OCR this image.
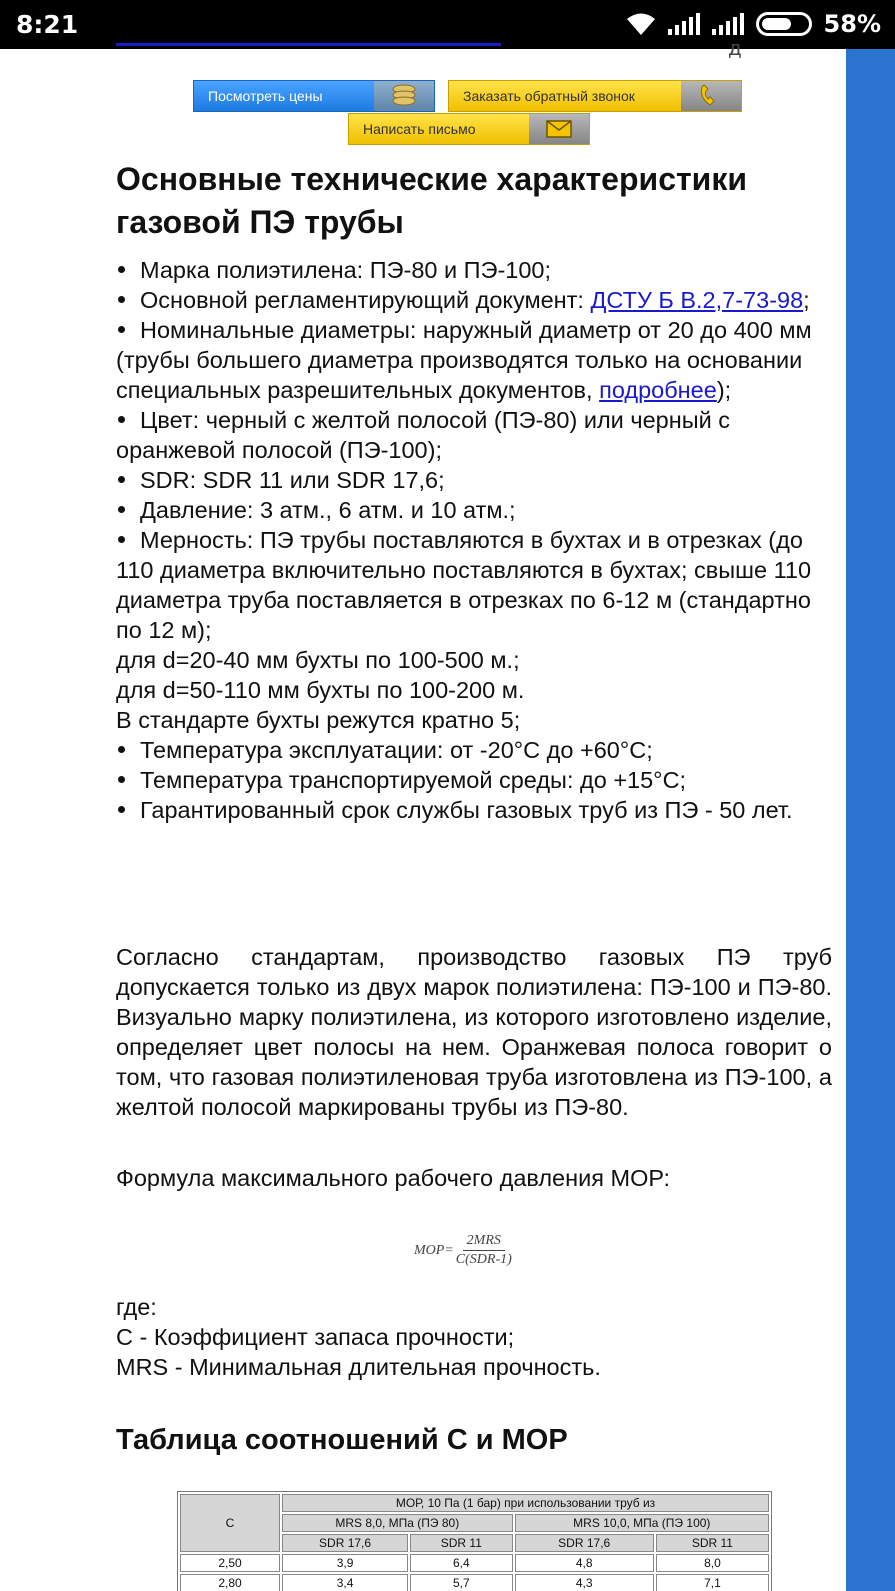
8:21	58%
д
Посмотреть цены	Заказать обратный звонок
Написать письмо
Основные технические характеристики газовой ПЭ трубы
Марка полиэтилена: ПЭ-80 и ПЭ-100;
Основной регламентирующий документ: ДСТУ Б В.2,7-73-98;
Номинальные диаметры: наружный диаметр от 20 до 400 мм (трубы большего диаметра производятся только на основании специальных разрешительных документов, подробнее);
Цвет: черный с желтой полосой (ПЭ-80) или черный с оранжевой полосой (ПЭ-100);
SDR: SDR 11 или SDR 17,6;
Давление: 3 атм., 6 атм. и 10 атм.;
Мерность: ПЭ трубы поставляются в бухтах и в отрезках (до 110 диаметра включительно поставляются в бухтах; свыше 110 диаметра труба поставляется в отрезках по 6-12 м (стандартно по 12 м);
для d=20-40 мм бухты по 100-500 м.;
для d=50-110 мм бухты по 100-200 м.
В стандарте бухты режутся кратно 5;
Температура эксплуатации: от -20°С до +60°С;
Температура транспортируемой среды: до +15°С;
Гарантированный срок службы газовых труб из ПЭ - 50 лет.

Согласно стандартам, производство газовых ПЭ труб допускается только из двух марок полиэтилена: ПЭ-100 и ПЭ-80. Визуально марку полиэтилена, из которого изготовлено изделие, определяет цвет полосы на нем. Оранжевая полоса говорит о том, что газовая полиэтиленовая труба изготовлена из ПЭ-100, а желтой полосой маркированы трубы из ПЭ-80.

Формула максимального рабочего давления МОР:

$MOP= \frac{\text{2MRS}}{\text{C(SDR-1)}}$

где:
С - Коэффициент запаса прочности;
MRS - Минимальная длительная прочность.

Таблица соотношений С и МОР
С	МОР, 10 Па (1 бар) при использовании труб из			
	MRS 8,0, МПа (ПЭ 80)		MRS 10,0, МПа (ПЭ 100)	
	SDR 17,6	SDR 11	SDR 17,6	SDR 11
2,50	3,9	6,4	4,8	8,0
2,80	3,4	5,7	4,3	7,1
